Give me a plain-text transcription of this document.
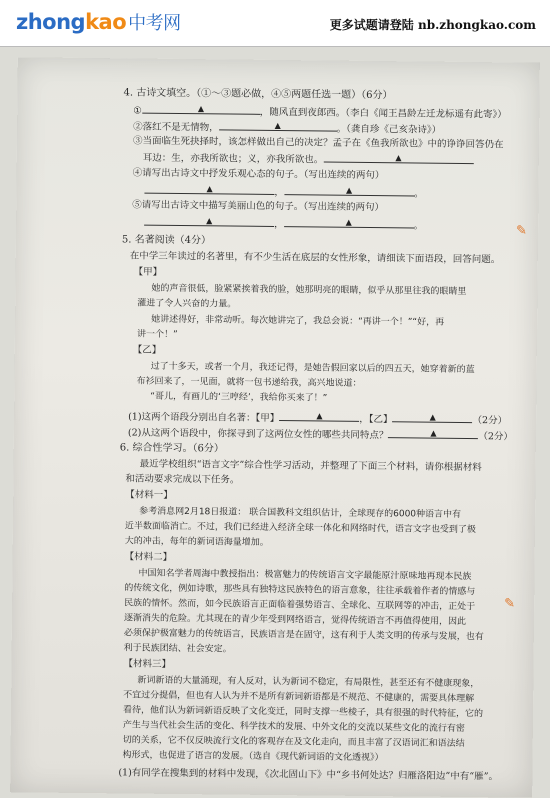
zhongkao 中考网	更多试题请登陆 nb.zhongkao.com
4. 古诗文填空。（①～③题必做，④⑤两题任选一题）（6分）
①	▲	，随风直到夜郎西。（李白《闻王昌龄左迁龙标遥有此寄》）
②落红不是无情物，	▲	。（龚自珍《己亥杂诗》）
③当面临生死抉择时，该怎样做出自己的决定？孟子在《鱼我所欲也》中的诤诤回答仍在
耳边：生，亦我所欲也；义，亦我所欲也。	▲
④请写出古诗文中抒发乐观心态的句子。（写出连续的两句）
▲	，	▲	。
⑤请写出古诗文中描写美丽山色的句子。（写出连续的两句）
▲	，	▲	。
5. 名著阅读（4分）
在中学三年读过的名著里，有不少生活在底层的女性形象，请细读下面语段，回答问题。
【甲】
她的声音很低，脸紧紧挨着我的脸，她那明亮的眼睛，似乎从那里往我的眼睛里
灌进了令人兴奋的力量。
她讲述得好，非常动听。每次她讲完了，我总会说：“再讲一个！”“好，再
讲一个！”
【乙】
过了十多天，或者一个月，我还记得，是她告假回家以后的四五天，她穿着新的蓝
布衫回来了，一见面，就将一包书递给我，高兴地说道：
“哥儿，有画儿的‘三哼经’，我给你买来了！”
(1)这两个语段分别出自名著：【甲】	▲	，【乙】	▲	（2分）
(2)从这两个语段中，你探寻到了这两位女性的哪些共同特点？	▲	（2分）
6. 综合性学习。（6分）
最近学校组织“语言文字”综合性学习活动，并整理了下面三个材料，请你根据材料
和活动要求完成以下任务。
【材料一】
参考消息网2月18日报道： 联合国教科文组织估计，全球现存的6000种语言中有
近半数面临消亡。不过，我们已经进入经济全球一体化和网络时代，语言文字也受到了极
大的冲击，每年的新词语海量增加。
【材料二】
中国知名学者周海中教授指出：极富魅力的传统语言文字最能原汁原味地再现本民族
的传统文化，例如诗歌，那些具有独特这民族特色的语言意象，往往承载着作者的情感与
民族的情怀。然而，如今民族语言正面临着强势语言、全球化、互联网等的冲击，正处于
逐渐消失的危险。尤其现在的青少年受到网络语言，觉得传统语言不再值得使用，因此
必须保护极富魅力的传统语言，民族语言是在固守，这有利于人类文明的传承与发展，也有
利于民族团结、社会安定。
【材料三】
新词新语的大量涌现，有人反对，认为新词不稳定，有局限性，甚至还有不健康现象，
不宜过分提倡，但也有人认为并不是所有新词新语都是不规范、不健康的，需要具体理解
看待，他们认为新词新语反映了文化变迁，同时支撑一些棱子，具有很强的时代特征，它的
产生与当代社会生活的变化、科学技术的发展、中外文化的交流以某些文化的流行有密
切的关系，它不仅反映流行文化的客观存在及文化走向，而且丰富了汉语词汇和语法结
构形式，也促进了语言的发展。（选自《现代新词语的文化透视》）
(1)有同学在搜集到的材料中发现，《次北固山下》中“乡书何处达？归雁洛阳边”中有“雁”。
✎
✎
